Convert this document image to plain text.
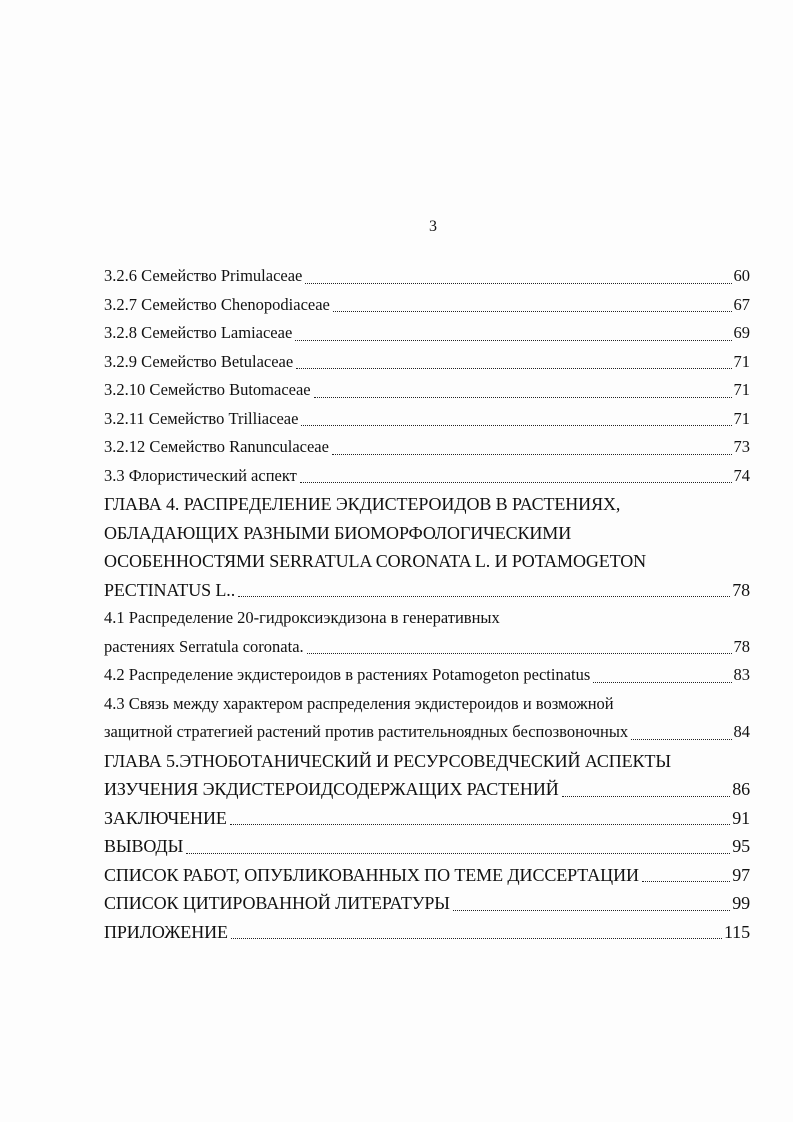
3
3.2.6 Семейство Primulaceae	60
3.2.7 Семейство Chenopodiaceae	67
3.2.8 Семейство Lamiaceae	69
3.2.9 Семейство Betulaceae	71
3.2.10 Семейство Butomaceae	71
3.2.11 Семейство Trilliaceae	71
3.2.12 Семейство Ranunculaceae	73
3.3 Флористический аспект	74
ГЛАВА 4. РАСПРЕДЕЛЕНИЕ ЭКДИСТЕРОИДОВ В РАСТЕНИЯХ,
ОБЛАДАЮЩИХ РАЗНЫМИ БИОМОРФОЛОГИЧЕСКИМИ
ОСОБЕННОСТЯМИ SERRATULA CORONATA L. И POTAMOGETON
PECTINATUS L..	78
4.1 Распределение 20-гидроксиэкдизона в генеративных
растениях Serratula coronata.	78
4.2 Распределение экдистероидов в растениях Potamogeton pectinatus	83
4.3 Связь между характером распределения экдистероидов и возможной
защитной стратегией растений против растительноядных беспозвоночных	84
ГЛАВА 5.ЭТНОБОТАНИЧЕСКИЙ И РЕСУРСОВЕДЧЕСКИЙ АСПЕКТЫ
ИЗУЧЕНИЯ ЭКДИСТЕРОИДСОДЕРЖАЩИХ РАСТЕНИЙ	86
ЗАКЛЮЧЕНИЕ	91
ВЫВОДЫ	95
СПИСОК РАБОТ, ОПУБЛИКОВАННЫХ ПО ТЕМЕ ДИССЕРТАЦИИ	97
СПИСОК ЦИТИРОВАННОЙ ЛИТЕРАТУРЫ	99
ПРИЛОЖЕНИЕ	115
